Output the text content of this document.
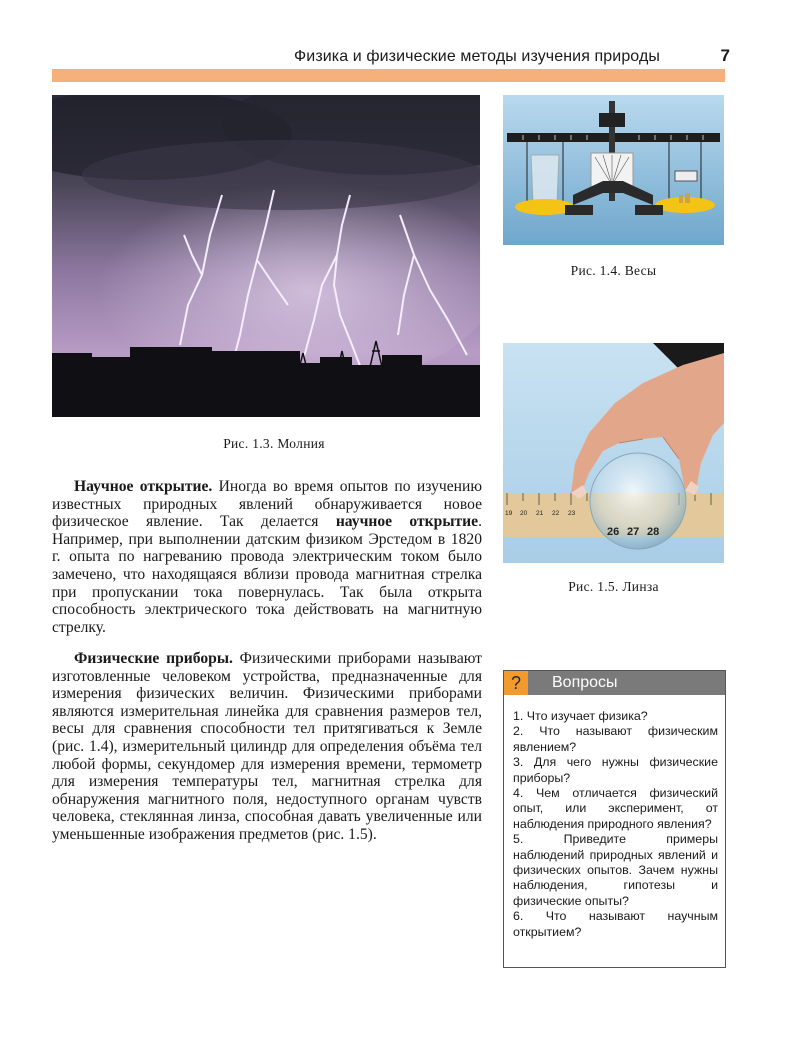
Физика и физические методы изучения природы	7
Рис. 1.3. Молния
Рис. 1.4. Весы
19 20 21 22 23
26 27 28
Рис. 1.5. Линза

Научное открытие. Иногда во время опытов по изучению известных природных явлений обнаруживается новое физическое явление. Так делается научное открытие. Например, при выполнении датским физиком Эрстедом в 1820 г. опыта по нагреванию провода электрическим током было замечено, что находящаяся вблизи провода магнитная стрелка при пропускании тока повернулась. Так была открыта способность электрического тока действовать на магнитную стрелку.

Физические приборы. Физическими приборами называют изготовленные человеком устройства, предназначенные для измерения физических величин. Физическими приборами являются измерительная линейка для сравнения размеров тел, весы для сравнения способности тел притягиваться к Земле (рис. 1.4), измерительный цилиндр для определения объёма тел любой формы, секундомер для измерения времени, термометр для измерения температуры тел, магнитная стрелка для обнаружения магнитного поля, недоступного органам чувств человека, стеклянная линза, способная давать увеличенные или уменьшенные изображения предметов (рис. 1.5).

?	Вопросы
1. Что изучает физика?
2. Что называют физическим явлением?
3. Для чего нужны физические приборы?
4. Чем отличается физический опыт, или эксперимент, от наблюдения природного явления?
5. Приведите примеры наблюдений природных явлений и физических опытов. Зачем нужны наблюдения, гипотезы и физические опыты?
6. Что называют научным открытием?
